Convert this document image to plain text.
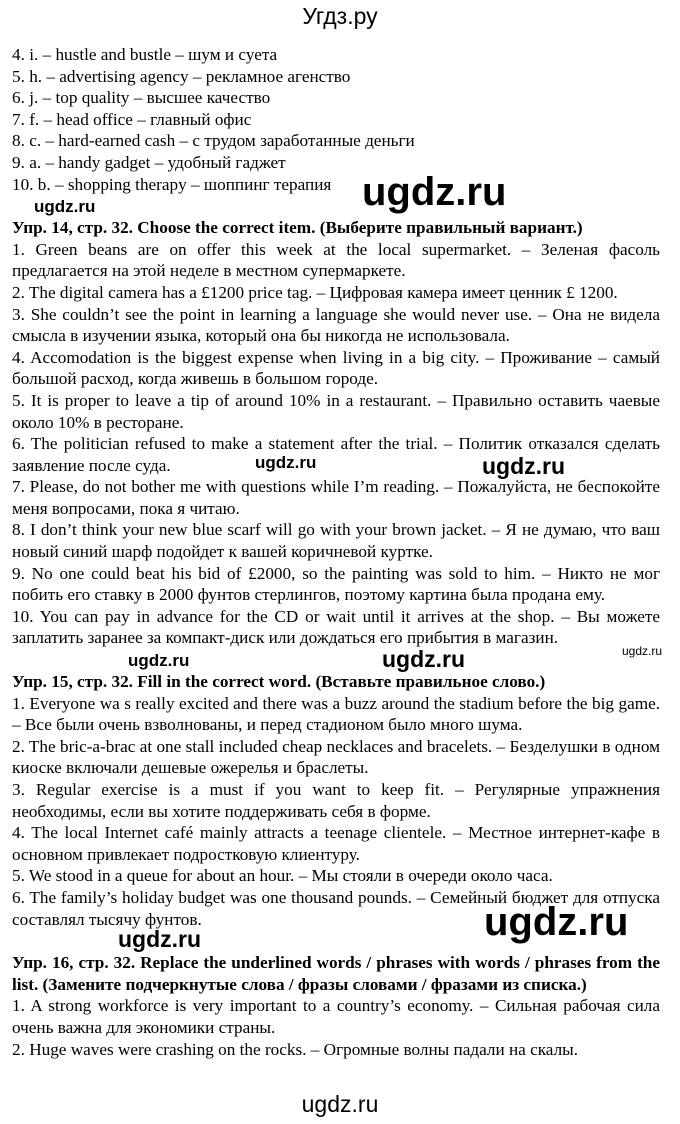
Угдз.ру
4. i. – hustle and bustle – шум и суета
5. h. – advertising agency – рекламное агенство
6. j. – top quality – высшее качество
7. f. – head office – главный офис
8. c. – hard-earned cash – с трудом заработанные деньги
9. a. – handy gadget – удобный гаджет
10. b. – shopping therapy – шоппинг терапия
Упр. 14, стр. 32. Choose the correct item. (Выберите правильный вариант.)
1. Green beans are on offer this week at the local supermarket. – Зеленая фасоль предлагается на этой неделе в местном супермаркете.
2. The digital camera has a £1200 price tag. – Цифровая камера имеет ценник £ 1200.
3. She couldn’t see the point in learning a language she would never use. – Она не видела смысла в изучении языка, который она бы никогда не использовала.
4. Accomodation is the biggest expense when living in a big city. – Проживание – самый большой расход, когда живешь в большом городе.
5. It is proper to leave a tip of around 10% in a restaurant. – Правильно оставить чаевые около 10% в ресторане.
6. The politician refused to make a statement after the trial. – Политик отказался сделать заявление после суда.
7. Please, do not bother me with questions while I’m reading. – Пожалуйста, не беспокойте меня вопросами, пока я читаю.
8. I don’t think your new blue scarf will go with your brown jacket. – Я не думаю, что ваш новый синий шарф подойдет к вашей коричневой куртке.
9. No one could beat his bid of £2000, so the painting was sold to him. – Никто не мог побить его ставку в 2000 фунтов стерлингов, поэтому картина была продана ему.
10. You can pay in advance for the CD or wait until it arrives at the shop. – Вы можете заплатить заранее за компакт-диск или дождаться его прибытия в магазин.
Упр. 15, стр. 32. Fill in the correct word. (Вставьте правильное слово.)
1. Everyone wa s really excited and there was a buzz around the stadium before the big game. – Все были очень взволнованы, и перед стадионом было много шума.
2. The bric-a-brac at one stall included cheap necklaces and bracelets. – Безделушки в одном киоске включали дешевые ожерелья и браслеты.
3. Regular exercise is a must if you want to keep fit. – Регулярные упражнения необходимы, если вы хотите поддерживать себя в форме.
4. The local Internet café mainly attracts a teenage clientele. – Местное интернет-кафе в основном привлекает подростковую клиентуру.
5. We stood in a queue for about an hour. – Мы стояли в очереди около часа.
6. The family’s holiday budget was one thousand pounds. – Семейный бюджет для отпуска составлял тысячу фунтов.
Упр. 16, стр. 32. Replace the underlined words / phrases with words / phrases from the list. (Замените подчеркнутые слова / фразы словами / фразами из списка.)
1. A strong workforce is very important to a country’s economy. – Сильная рабочая сила очень важна для экономики страны.
2. Huge waves were crashing on the rocks. – Огромные волны падали на скалы.
ugdz.ru
ugdz.ru
ugdz.ru	ugdz.ru
ugdz.ru	ugdz.ru	ugdz.ru
ugdz.ru
ugdz.ru
ugdz.ru
